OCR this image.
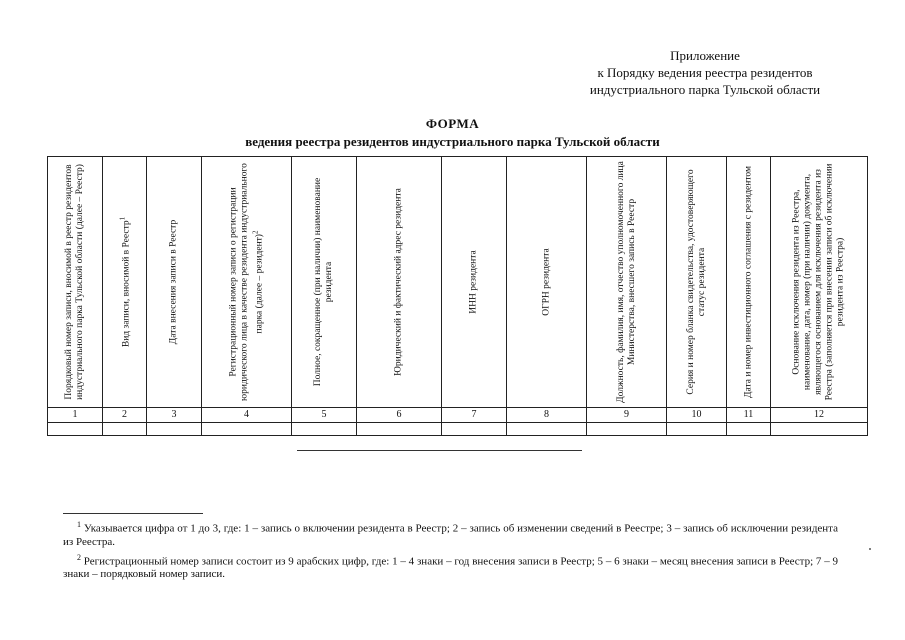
Приложение
к Порядку ведения реестра резидентов
индустриального парка Тульской области
ФОРМА
ведения реестра резидентов индустриального парка Тульской области
Порядковый номер записи, вносимой в реестр резидентов индустриального парка Тульской области (далее – Реестр)	Вид записи, вносимой в Реестр$^1$	Дата внесения записи в Реестр	Регистрационный номер записи о регистрации юридического лица в качестве резидента индустриального парка (далее – резидент)$^2$	Полное, сокращенное (при наличии) наименование резидента	Юридический и фактический адрес резидента	ИНН резидента	ОГРН резидента	Должность, фамилия, имя, отчество уполномоченного лица Министерства, внесшего запись в Реестр	Серия и номер бланка свидетельства, удостоверяющего статус резидента	Дата и номер инвестиционного соглашения с резидентом	Основание исключения резидента из Реестра, наименование, дата, номер (при наличии) документа, являющегося основанием для исключения резидента из Реестра (заполняется при внесении записи об исключении резидента из Реестра)

1	2	3	4	5	6	7	8	9	10	11	12

$^1$ Указывается цифра от 1 до 3, где: 1 – запись о включении резидента в Реестр; 2 – запись об изменении сведений в Реестре; 3 – запись об исключении резидента из Реестра.

$^2$ Регистрационный номер записи состоит из 9 арабских цифр, где: 1 – 4 знаки – год внесения записи в Реестр; 5 – 6 знаки – месяц внесения записи в Реестр; 7 – 9 знаки – порядковый номер записи.
